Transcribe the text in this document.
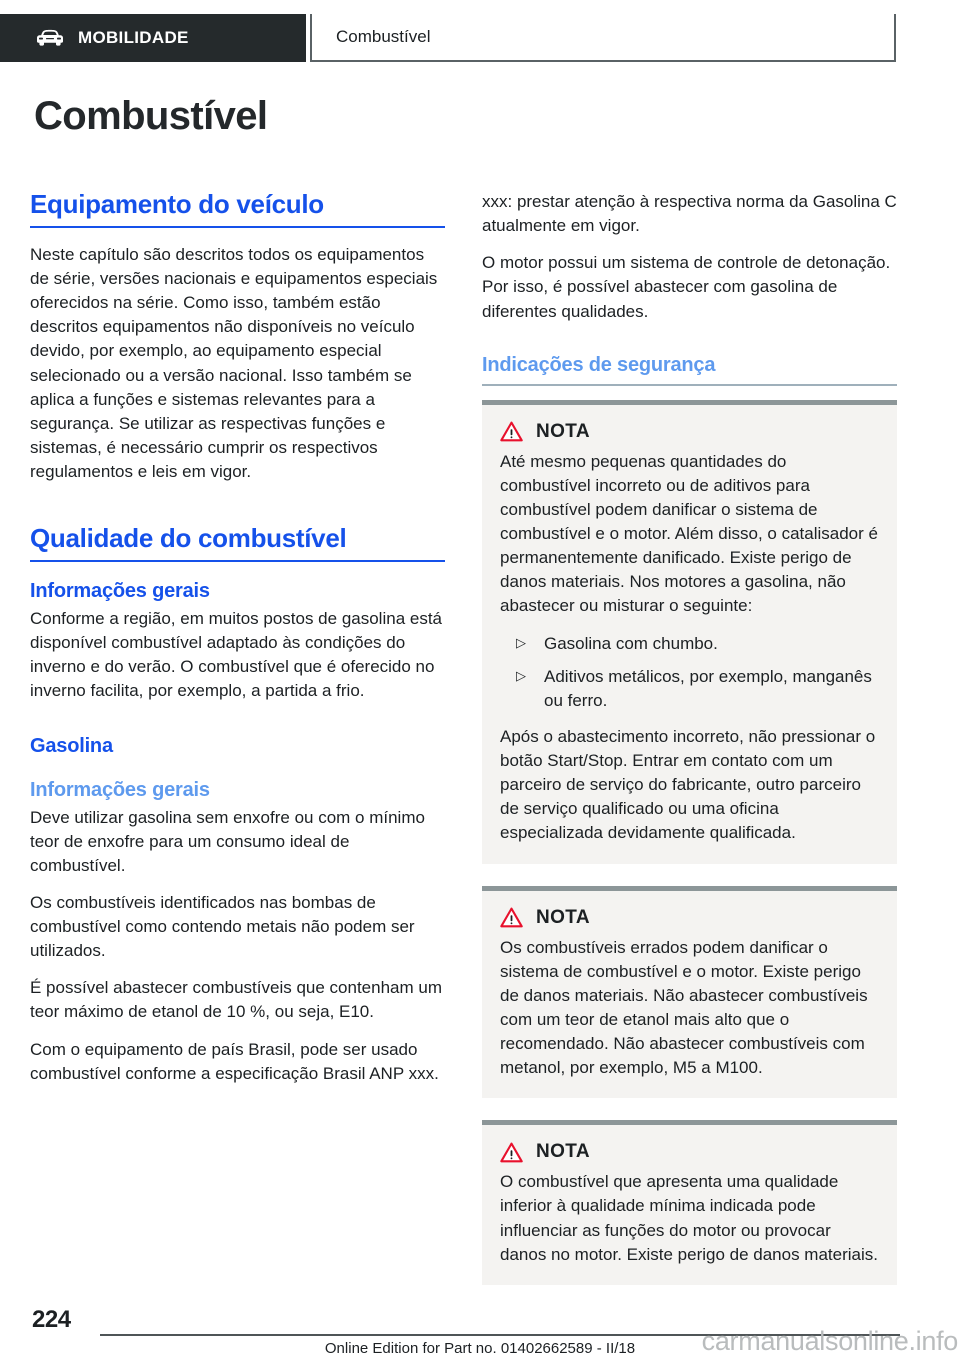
MOBILIDADE	Combustível
Combustível
Equipamento do veículo

Neste capítulo são descritos todos os equipamentos de série, versões nacionais e equipamentos especiais oferecidos na série. Como isso, também estão descritos equipamentos não disponíveis no veículo devido, por exemplo, ao equipamento especial selecionado ou a versão nacional. Isso também se aplica a funções e sistemas relevantes para a segurança. Se utilizar as respectivas funções e sistemas, é necessário cumprir os respectivos regulamentos e leis em vigor.

Qualidade do combustível
Informações gerais

Conforme a região, em muitos postos de gasolina está disponível combustível adaptado às condições do inverno e do verão. O combustível que é oferecido no inverno facilita, por exemplo, a partida a frio.

Gasolina
Informações gerais

Deve utilizar gasolina sem enxofre ou com o mínimo teor de enxofre para um consumo ideal de combustível.

Os combustíveis identificados nas bombas de combustível como contendo metais não podem ser utilizados.

É possível abastecer combustíveis que contenham um teor máximo de etanol de 10 %, ou seja, E10.

Com o equipamento de país Brasil, pode ser usado combustível conforme a especificação Brasil ANP xxx.

xxx: prestar atenção à respectiva norma da Gasolina C atualmente em vigor.

O motor possui um sistema de controle de detonação. Por isso, é possível abastecer com gasolina de diferentes qualidades.

Indicações de segurança
NOTA

Até mesmo pequenas quantidades do combustível incorreto ou de aditivos para combustível podem danificar o sistema de combustível e o motor. Além disso, o catalisador é permanentemente danificado. Existe perigo de danos materiais. Nos motores a gasolina, não abastecer ou misturar o seguinte:

▷	Gasolina com chumbo.
▷	Aditivos metálicos, por exemplo, manganês ou ferro.

Após o abastecimento incorreto, não pressionar o botão Start/Stop. Entrar em contato com um parceiro de serviço do fabricante, outro parceiro de serviço qualificado ou uma oficina especializada devidamente qualificada.

NOTA

Os combustíveis errados podem danificar o sistema de combustível e o motor. Existe perigo de danos materiais. Não abastecer combustíveis com um teor de etanol mais alto que o recomendado. Não abastecer combustíveis com metanol, por exemplo, M5 a M100.

NOTA

O combustível que apresenta uma qualidade inferior à qualidade mínima indicada pode influenciar as funções do motor ou provocar danos no motor. Existe perigo de danos materiais.

224
Online Edition for Part no. 01402662589 - II/18	carmanualsonline.info
